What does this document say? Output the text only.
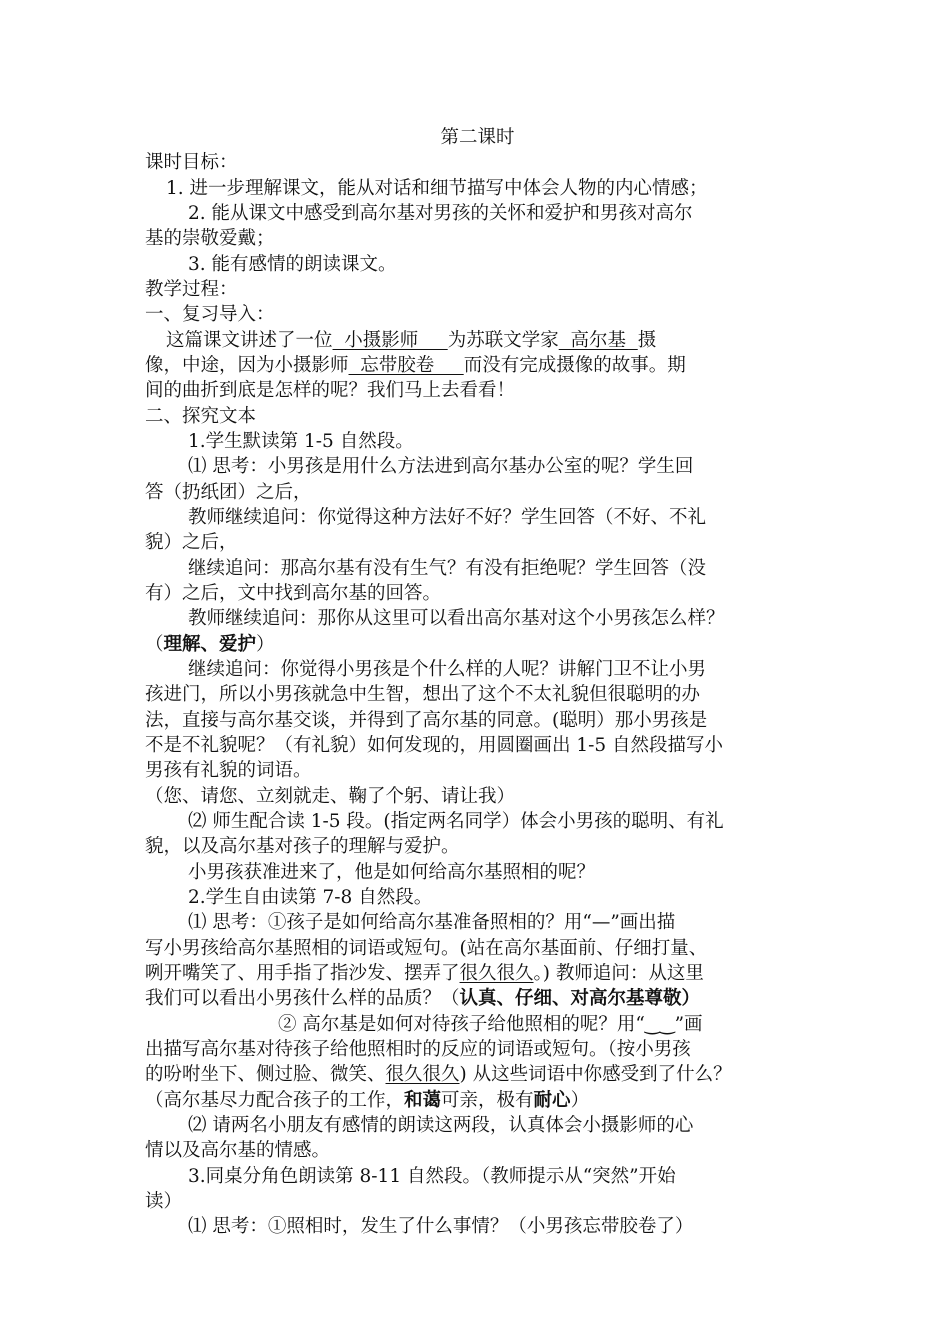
第二课时
课时目标：
1. 进一步理解课文，能从对话和细节描写中体会人物的内心情感；
2. 能从课文中感受到高尔基对男孩的关怀和爱护和男孩对高尔
基的崇敬爱戴；
3. 能有感情的朗读课文。
教学过程：
一、复习导入：
这篇课文讲述了一位  小摄影师     为苏联文学家  高尔基  摄
像，中途，因为小摄影师  忘带胶卷     而没有完成摄像的故事。期
间的曲折到底是怎样的呢？我们马上去看看！
二、探究文本
1.学生默读第 1-5 自然段。
⑴ 思考：小男孩是用什么方法进到高尔基办公室的呢？学生回
答（扔纸团）之后，
教师继续追问：你觉得这种方法好不好？学生回答（不好、不礼
貌）之后，
继续追问：那高尔基有没有生气？有没有拒绝呢？学生回答（没
有）之后，文中找到高尔基的回答。
教师继续追问：那你从这里可以看出高尔基对这个小男孩怎么样？
（理解、爱护）
继续追问：你觉得小男孩是个什么样的人呢？讲解门卫不让小男
孩进门，所以小男孩就急中生智，想出了这个不太礼貌但很聪明的办
法，直接与高尔基交谈，并得到了高尔基的同意。(聪明）那小男孩是
不是不礼貌呢？（有礼貌）如何发现的，用圆圈画出 1-5 自然段描写小
男孩有礼貌的词语。
（您、请您、立刻就走、鞠了个躬、请让我）
⑵ 师生配合读 1-5 段。(指定两名同学）体会小男孩的聪明、有礼
貌，以及高尔基对孩子的理解与爱护。
小男孩获准进来了，他是如何给高尔基照相的呢？
2.学生自由读第 7-8 自然段。
⑴ 思考：①孩子是如何给高尔基准备照相的？用“—”画出描
写小男孩给高尔基照相的词语或短句。(站在高尔基面前、仔细打量、
咧开嘴笑了、用手指了指沙发、摆弄了很久很久。) 教师追问：从这里
我们可以看出小男孩什么样的品质？（认真、仔细、对高尔基尊敬）
② 高尔基是如何对待孩子给他照相的呢？用“‿‿”画
出描写高尔基对待孩子给他照相时的反应的词语或短句。（按小男孩
的吩咐坐下、侧过脸、微笑、很久很久) 从这些词语中你感受到了什么？
（高尔基尽力配合孩子的工作，和蔼可亲，极有耐心）
⑵ 请两名小朋友有感情的朗读这两段，认真体会小摄影师的心
情以及高尔基的情感。
3.同桌分角色朗读第 8-11 自然段。（教师提示从“突然”开始
读）
⑴ 思考：①照相时，发生了什么事情？（小男孩忘带胶卷了）
